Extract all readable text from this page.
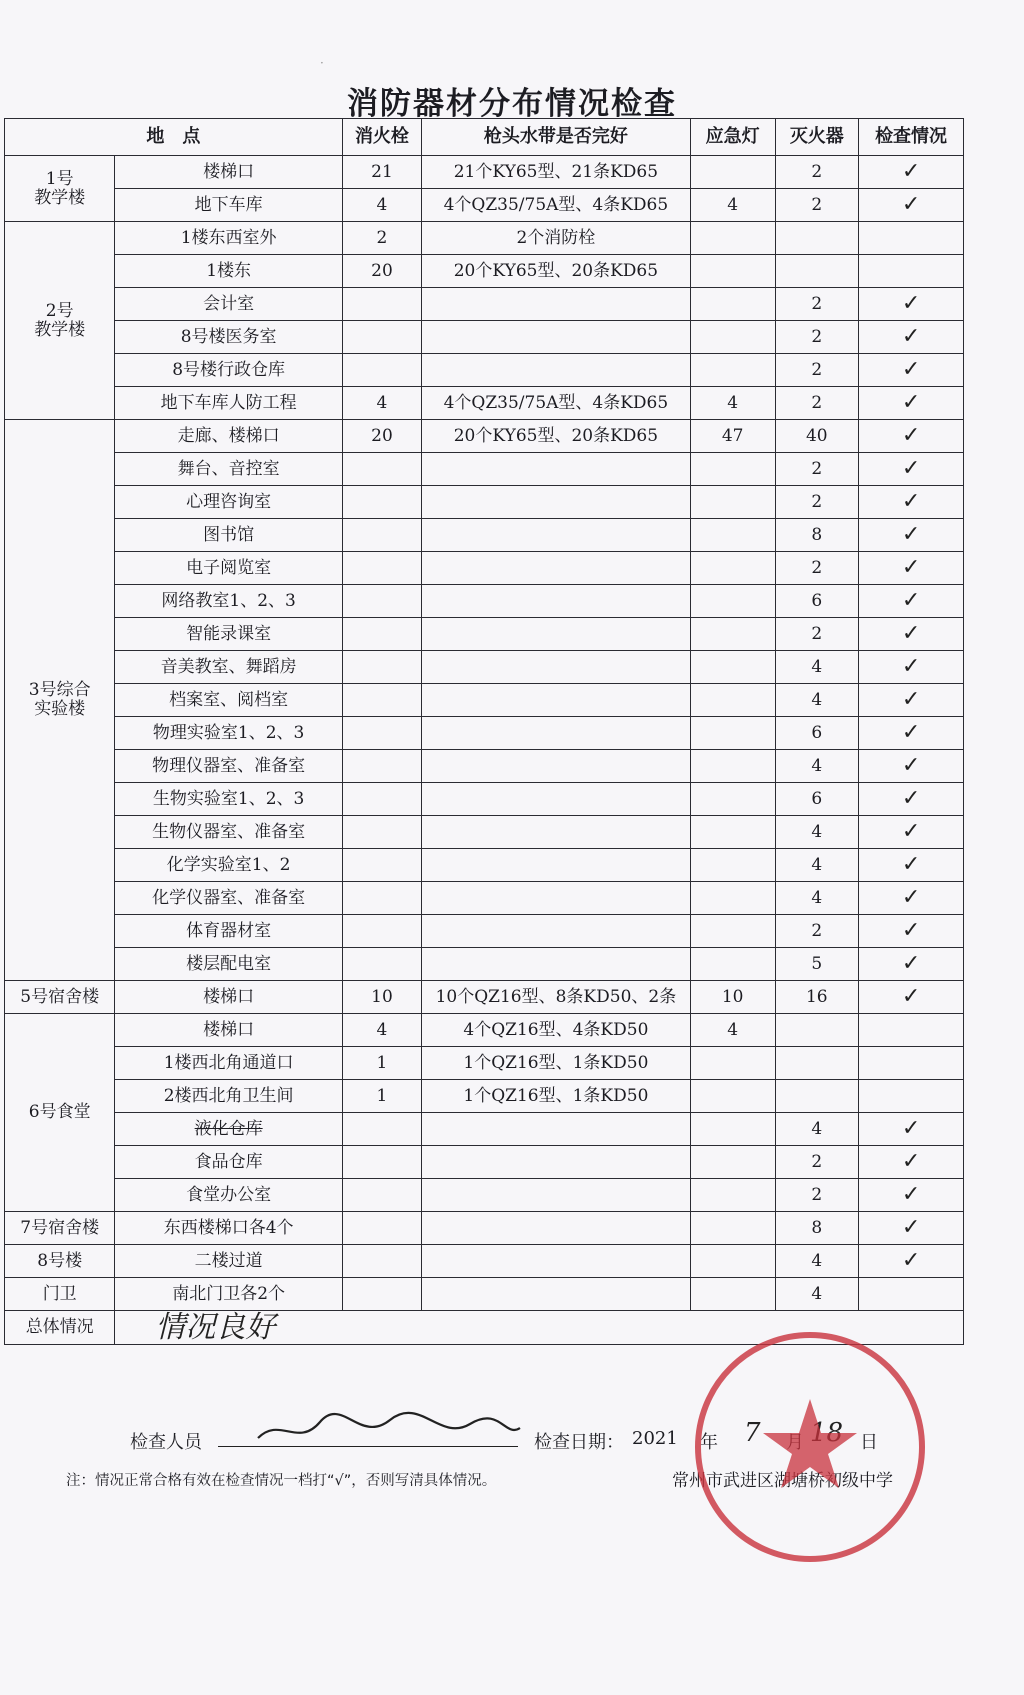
·
消防器材分布情况检查
地　点		消火栓	枪头水带是否完好	应急灯	灭火器	检查情况
1号
教学楼	楼梯口	21	21个KY65型、21条KD65		2	✓
	地下车库	4	4个QZ35/75A型、4条KD65	4	2	✓
2号
教学楼	1楼东西室外	2	2个消防栓			
	1楼东	20	20个KY65型、20条KD65			
	会计室				2	✓
	8号楼医务室				2	✓
	8号楼行政仓库				2	✓
	地下车库人防工程	4	4个QZ35/75A型、4条KD65	4	2	✓
3号综合
实验楼	走廊、楼梯口	20	20个KY65型、20条KD65	47	40	✓
	舞台、音控室				2	✓
	心理咨询室				2	✓
	图书馆				8	✓
	电子阅览室				2	✓
	网络教室1、2、3				6	✓
	智能录课室				2	✓
	音美教室、舞蹈房				4	✓
	档案室、阅档室				4	✓
	物理实验室1、2、3				6	✓
	物理仪器室、准备室				4	✓
	生物实验室1、2、3				6	✓
	生物仪器室、准备室				4	✓
	化学实验室1、2				4	✓
	化学仪器室、准备室				4	✓
	体育器材室				2	✓
	楼层配电室				5	✓
5号宿舍楼	楼梯口	10	10个QZ16型、8条KD50、2条	10	16	✓
6号食堂	楼梯口	4	4个QZ16型、4条KD50	4		
	1楼西北角通道口	1	1个QZ16型、1条KD50			
	2楼西北角卫生间	1	1个QZ16型、1条KD50			
	液化仓库				4	✓
	食品仓库				2	✓
	食堂办公室				2	✓
7号宿舍楼	东西楼梯口各4个				8	✓
8号楼	二楼过道				4	✓
门卫	南北门卫各2个				4	
总体情况	情况良好					
检查人员	检查日期： 2021 年 7	日
注：情况正常合格有效在检查情况一档打“√”，否则写清具体情况。	常州市武进区湖塘桥初级中学
